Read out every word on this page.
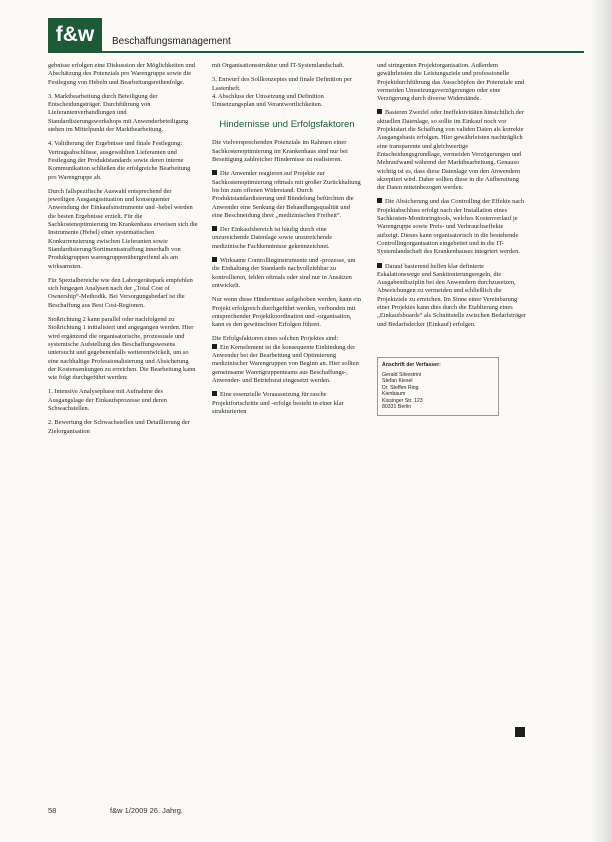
f&w	Beschaffungsmanagement

gebnisse erfolgen eine Diskussion der Möglichkeiten und Abschätzung des Potenzials pro Warengruppe sowie die Festlegung von Hebeln und Bearbeitungsreihenfolge.

3. Marktbearbeitung durch Beteiligung der Entscheidungsträger. Durchführung von Lieferantenverhandlungen und Standardisierungsworkshops mit Anwenderbeteiligung stehen im Mittelpunkt der Marktbearbeitung.

4. Validierung der Ergebnisse und finale Festlegung: Vertragsabschlüsse, ausgewählten Lieferanten und Festlegung der Produktstandards sowie deren interne Kommunikation schließen die erfolgreiche Bearbeitung pro Warengruppe ab.

Durch fallspezifische Auswahl entsprechend der jeweiligen Ausgangssituation und konsequenter Anwendung der Einkaufsinstrumente und -hebel werden die besten Ergebnisse erzielt. Für die Sachkostenoptimierung im Krankenhaus erweisen sich die Instrumente (Hebel) einer systematischen Konkurrenzierung zwischen Lieferanten sowie Standardisierung/Sortimentsstraffung innerhalb von Produktgruppen warengruppenübergreifend als am wirksamsten.

Für Spezialbereiche wie den Laborgerätepark empfehlen sich hingegen Analysen nach der „Total Cost of Ownership“-Methodik. Bei Versorgungsbedarf ist die Beschaffung aus Best Cost-Regionen.

Stoßrichtung 2 kann parallel oder nachfolgend zu Stoßrichtung 1 initialisiert und angegangen werden. Hier wird ergänzend die organisatorische, prozessuale und systemische Aufstellung des Beschaffungswesens untersucht und gegebenenfalls weiterentwickelt, um so eine nachhaltige Professionalisierung und Absicherung der Kostensenkungen zu erreichen. Die Bearbeitung kann wie folgt durchgeführt werden:

1. Intensive Analysephase mit Aufnahme des Ausgangslage der Einkaufsprozesse und deren Schwachstellen.

2. Bewertung der Schwachstellen und Detaillierung der Zielorganisation

mit Organisationsstruktur und IT-Systemlandschaft.

3. Entwurf des Sollkonzeptes und finale Definition per Lastenheft.

4. Abschluss der Umsetzung und Definition Umsetzungsplan und Verantwortlichkeiten.

Hindernisse und Erfolgsfaktoren

Die vielversprechenden Potenziale im Rahmen einer Sachkostenoptimierung im Krankenhaus sind nur bei Beseitigung zahlreicher Hindernisse zu realisieren.

Die Anwender reagieren auf Projekte zur Sachkostenoptimierung oftmals mit großer Zurückhaltung bis hin zum offenen Widerstand. Durch Produktstandardisierung und Bündelung befürchten die Anwender eine Senkung der Behandlungsqualität und eine Beschneidung ihrer „medizinischen Freiheit“.

Der Einkaufsbereich ist häufig durch eine unzureichende Datenlage sowie unzureichende medizinische Fachkenntnisse gekennzeichnet.

Wirksame Controllinginstrumente und -prozesse, um die Einhaltung der Standards nachvollziehbar zu kontrollieren, fehlen oftmals oder sind nur in Ansätzen entwickelt.

Nur wenn diese Hindernisse aufgehoben werden, kann ein Projekt erfolgreich durchgeführt werden, verbunden mit entsprechender Projektkoordination und -organisation, kann es den gewünschten Erfolgen führen.

Die Erfolgsfaktoren eines solchen Projektes sind:

Ein Kernelement ist die konsequente Einbindung der Anwender bei der Bearbeitung und Optimierung medizinischer Warengruppen von Beginn an. Hier sollten gemeinsame Warengruppenteams aus Beschaffungs-, Anwender- und Betriebsrat eingesetzt werden.

Eine essenzielle Voraussetzung für rasche Projektfortschritte und -erfolge besteht in einer klar strukturierten

und stringenten Projektorganisation. Außerdem gewährleisten die Leistungsziele und professionelle Projektdurchführung das Ausschöpfen der Potenziale und vermeiden Umsetzungsverzögerungen oder eine Verzögerung durch diverse Widerstände.

Basieren Zweifel oder Ineffektivitäten hinsichtlich der aktuellen Datenlage, so sollte im Einkauf noch vor Projektstart die Schaffung von validen Daten als korrekte Ausgangsbasis erfolgen. Hier gewährleisten nachträglich eine transparente und gleichwertige Entscheidungsgrundlage, vermeiden Verzögerungen und Mehraufwand während der Marktbearbeitung. Genauso wichtig ist es, dass diese Datenlage von den Anwendern akzeptiert wird. Daher sollten diese in die Aufbereitung der Daten miteinbezogen werden.

Die Absicherung und das Controlling der Effekte nach Projektabschluss erfolgt nach der Installation eines Sachkosten-Monitoringtools, welches Kostenverlauf je Warengruppe sowie Preis- und Verbrauchseffekte aufzeigt. Dieses kann organisatorisch in die bestehende Controllingorganisation eingebettet und in die IT-Systemlandschaft des Krankenhauses integriert werden.

Darauf basierend helfen klar definierte Eskalationswege und Sanktionierungsregeln, die Ausgabendisziplin bei den Anwendern durchzusetzen, Abweichungen zu vermeiden und schließlich die Projektziele zu erreichen. Im Sinne einer Vereinbarung einer Projektes kann dies durch die Etablierung eines „Einkaufsboards“ als Schnittstelle zwischen Bedarfsträger und Bedarfsdecker (Einkauf) erfolgen.

Anschrift der Verfasser:
Gerald Silvestrini
Stefan Kiesel
Dr. Steffen Ring
Kienbaum
Kissinger Str. 123
80331 Berlin
58	f&w 1/2009 26. Jahrg.
